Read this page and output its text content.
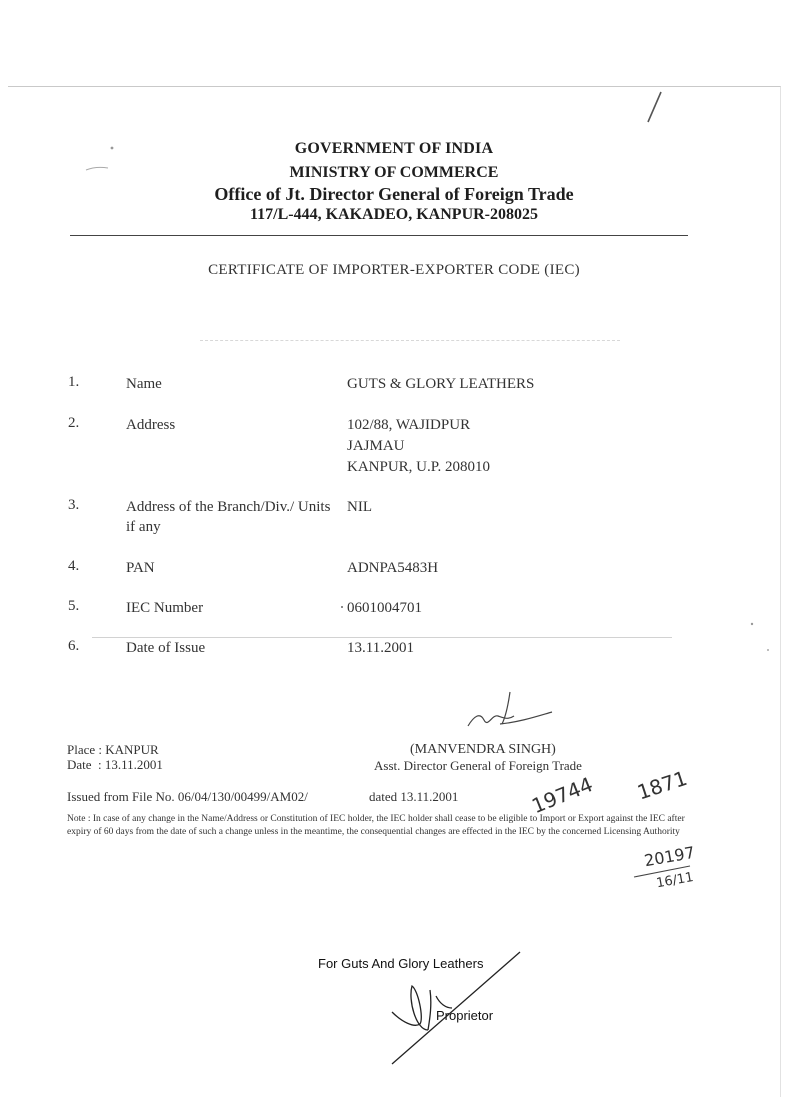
GOVERNMENT OF INDIA
MINISTRY OF COMMERCE
Office of Jt. Director General of Foreign Trade
117/L-444, KAKADEO, KANPUR-208025
CERTIFICATE OF IMPORTER-EXPORTER CODE (IEC)
1.	Name	GUTS & GLORY LEATHERS
2.	Address	102/88, WAJIDPUR
JAJMAU
KANPUR, U.P. 208010
3.	Address of the Branch/Div./ Units if any
NIL
4.	PAN	ADNPA5483H
5.	IEC Number	0601004701
6.	Date of Issue	13.11.2001
Place : KANPUR
Date  : 13.11.2001
(MANVENDRA SINGH)
Asst. Director General of Foreign Trade
Issued from File No. 06/04/130/00499/AM02/	dated 13.11.2001
Note : In case of any change in the Name/Address or Constitution of IEC holder, the IEC holder shall cease to be eligible to Import or Export against the IEC after expiry of 60 days from the date of such a change unless in the meantime, the consequential changes are effected in the IEC by the concerned Licensing Authority
For Guts And Glory Leathers
Proprietor
19744 1871
20197
16/11
